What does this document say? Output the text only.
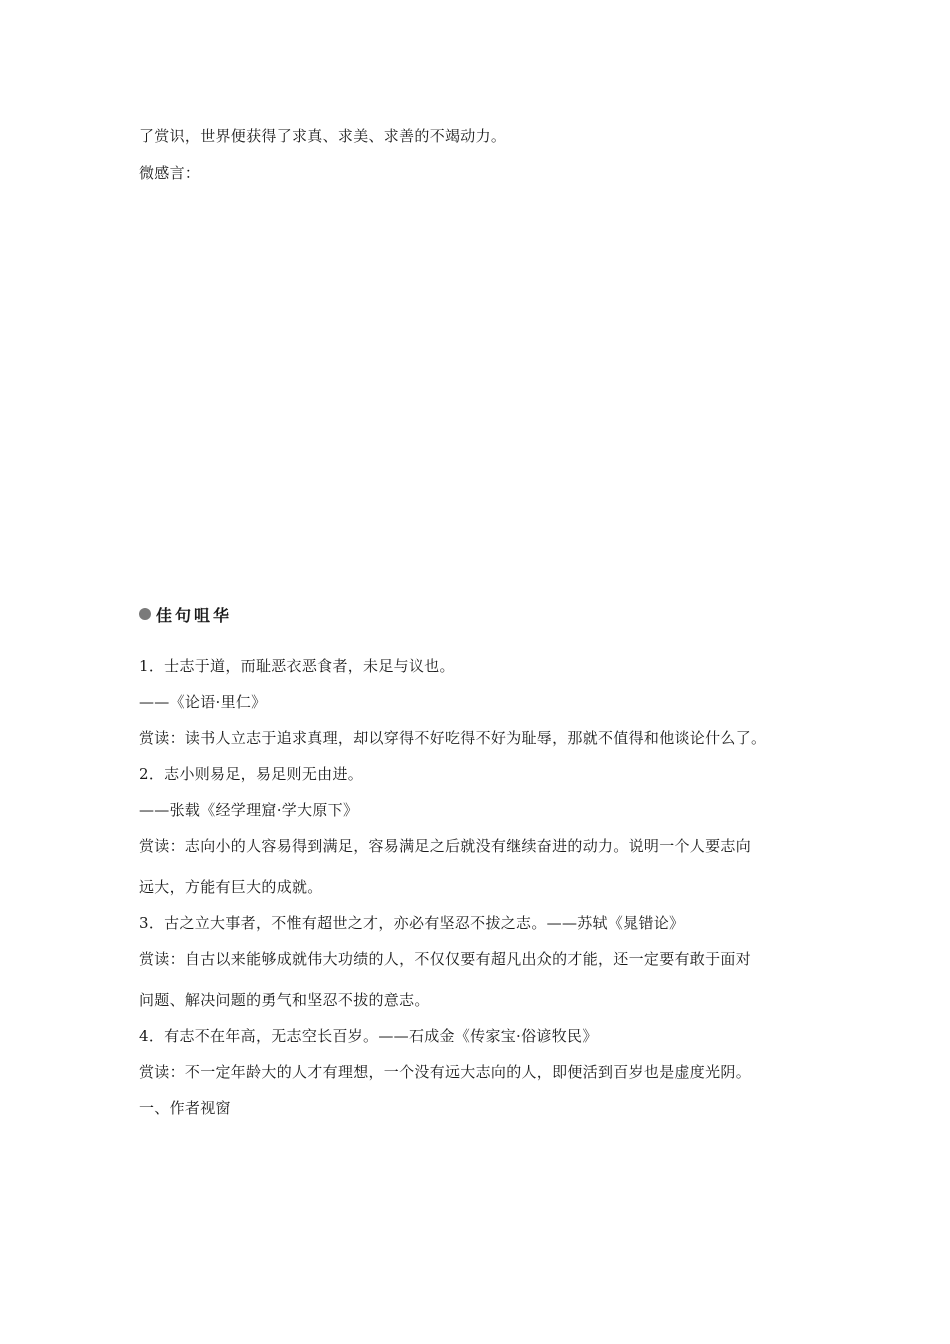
了赏识，世界便获得了求真、求美、求善的不竭动力。
微感言：
佳句咀华
1．士志于道，而耻恶衣恶食者，未足与议也。
——《论语·里仁》
赏读：读书人立志于追求真理，却以穿得不好吃得不好为耻辱，那就不值得和他谈论什么了。
2．志小则易足，易足则无由进。
——张载《经学理窟·学大原下》
赏读：志向小的人容易得到满足，容易满足之后就没有继续奋进的动力。说明一个人要志向
远大，方能有巨大的成就。
3．古之立大事者，不惟有超世之才，亦必有坚忍不拔之志。——苏轼《晁错论》
赏读：自古以来能够成就伟大功绩的人，不仅仅要有超凡出众的才能，还一定要有敢于面对
问题、解决问题的勇气和坚忍不拔的意志。
4．有志不在年高，无志空长百岁。——石成金《传家宝·俗谚牧民》
赏读：不一定年龄大的人才有理想，一个没有远大志向的人，即便活到百岁也是虚度光阴。
一、作者视窗
